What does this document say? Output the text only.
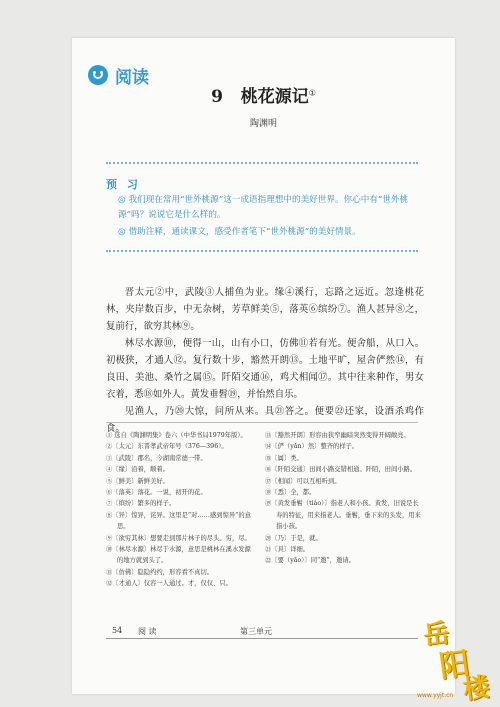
阅读
9 桃花源记①
陶渊明
预 习
◎ 我们现在常用“世外桃源”这一成语指理想中的美好世界。你心中有“世外桃源”吗？说说它是什么样的。
◎ 借助注释，通读课文，感受作者笔下“世外桃源”的美好情景。

晋太元②中，武陵③人捕鱼为业。缘④溪行，忘路之远近。忽逢桃花林，夹岸数百步，中无杂树，芳草鲜美⑤，落英⑥缤纷⑦。渔人甚异⑧之，复前行，欲穷其林⑨。

林尽水源⑩，便得一山，山有小口，仿佛⑪若有光。便舍船，从口入。初极狭，才通人⑫。复行数十步，豁然开朗⑬。土地平旷，屋舍俨然⑭，有良田、美池、桑竹之属⑮。阡陌交通⑯，鸡犬相闻⑰。其中往来种作，男女衣着，悉⑱如外人。黄发垂髫⑲，并怡然自乐。

见渔人，乃⑳大惊，问所从来。具㉑答之。便要㉒还家，设酒杀鸡作食。

① 选自《陶渊明集》卷六（中华书局1979年版）。
②〔太元〕东晋孝武帝年号（376—396）。
③〔武陵〕郡名，今湖南常德一带。
④〔缘〕沿着，顺着。
⑤〔鲜美〕新鲜美好。
⑥〔落英〕落花。一说，初开的花。
⑦〔缤纷〕繁多的样子。
⑧〔异〕惊异，诧异。这里是“对……感到惊异”的意思。
⑨〔欲穷其林〕想要走到那片林子的尽头。穷，尽。
⑩〔林尽水源〕林尽于水源，意思是桃林在溪水发源的地方就到头了。
⑪〔仿佛〕隐隐约约，形容看不真切。
⑫〔才通人〕仅容一人通过。才，仅仅、只。
⑬〔豁然开朗〕形容由狭窄幽暗突然变得开阔敞亮。
⑭〔俨（yǎn）然〕整齐的样子。
⑮〔属〕类。
⑯〔阡陌交通〕田间小路交错相通。阡陌，田间小路。
⑰〔相闻〕可以互相听到。
⑱〔悉〕全，都。
⑲〔黄发垂髫（tiáo）〕指老人和小孩。黄发，旧说是长寿的特征，用来指老人。垂髫，垂下来的头发，用来指小孩。
⑳〔乃〕于是，就。
㉑〔具〕详细。
㉒〔要（yāo）〕同“邀”，邀请。
54 阅 读	第三单元	岳
阳
楼
www.yyjt.cn
